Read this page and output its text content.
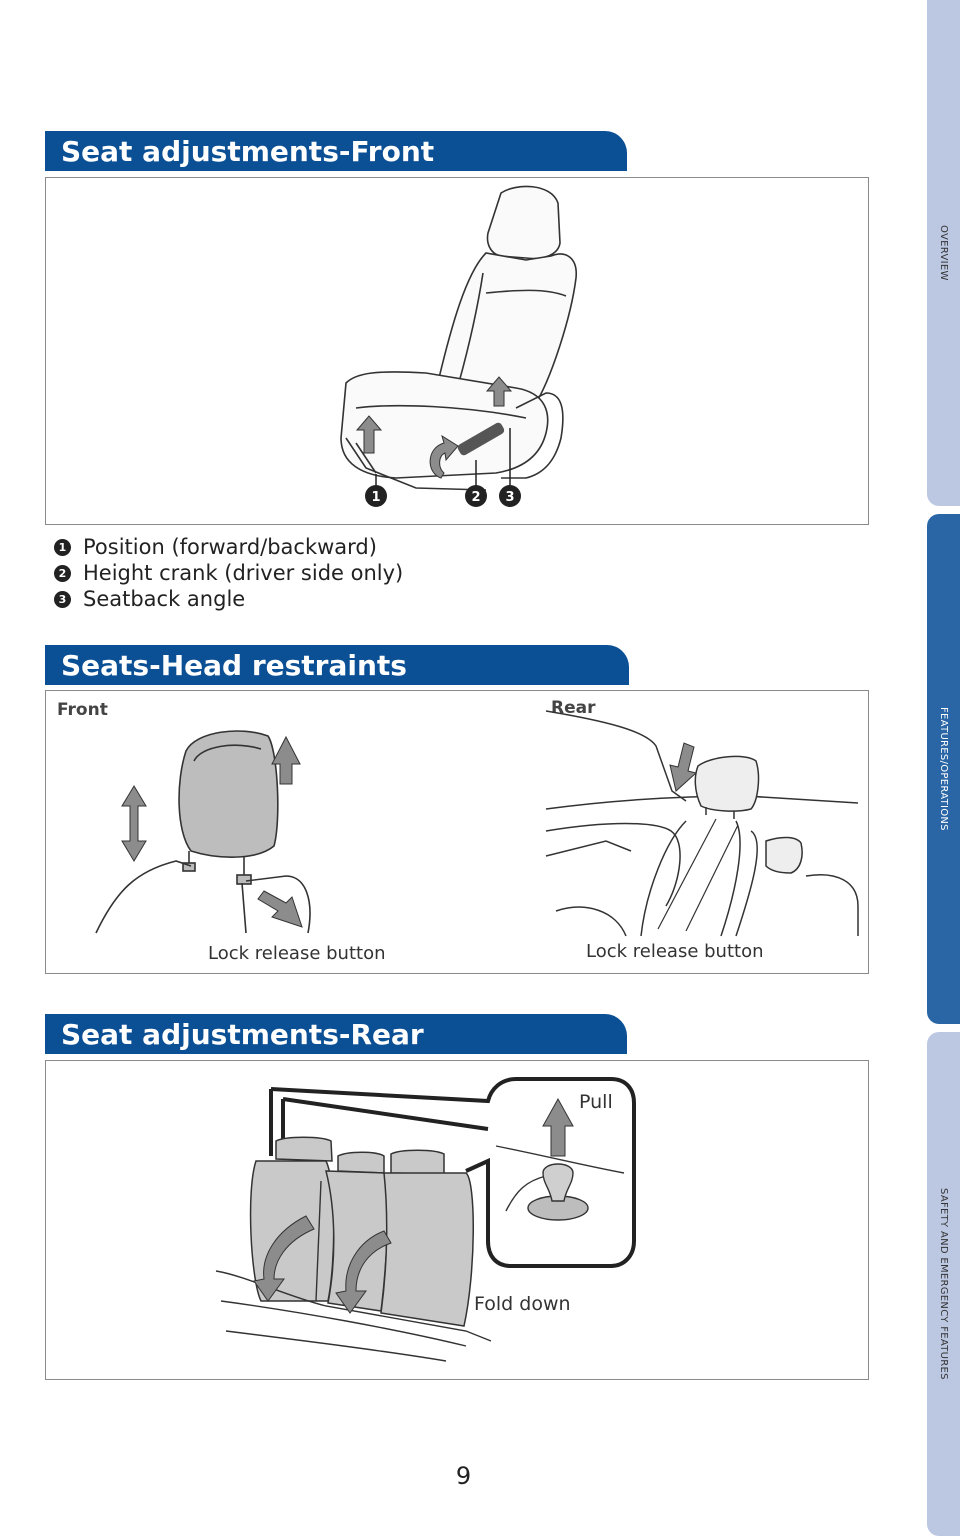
OVERVIEW
FEATURES/OPERATIONS
SAFETY AND EMERGENCY FEATURES
Seat adjustments-Front
1	2 3
1 Position (forward/backward)
2 Height crank (driver side only)
3 Seatback angle
Seats-Head restraints
Front	Rear
Lock release button	Lock release button
Seat adjustments-Rear
Pull
Fold down
9
